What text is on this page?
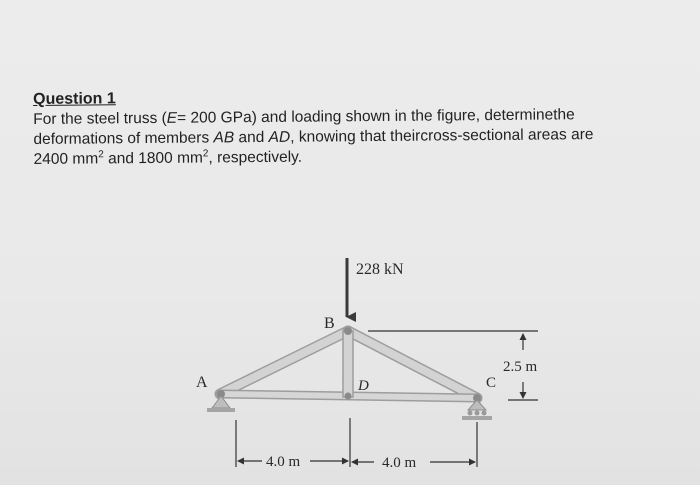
Question 1

For the steel truss (E= 200 GPa) and loading shown in the figure, determinethe

deformations of members AB and AD, knowing that theircross-sectional areas are

2400 $mm^2$ and 1800 $mm^2$, respectively.

228 kN
A
B
C
D
2.5 m
4.0 m	4.0 m
